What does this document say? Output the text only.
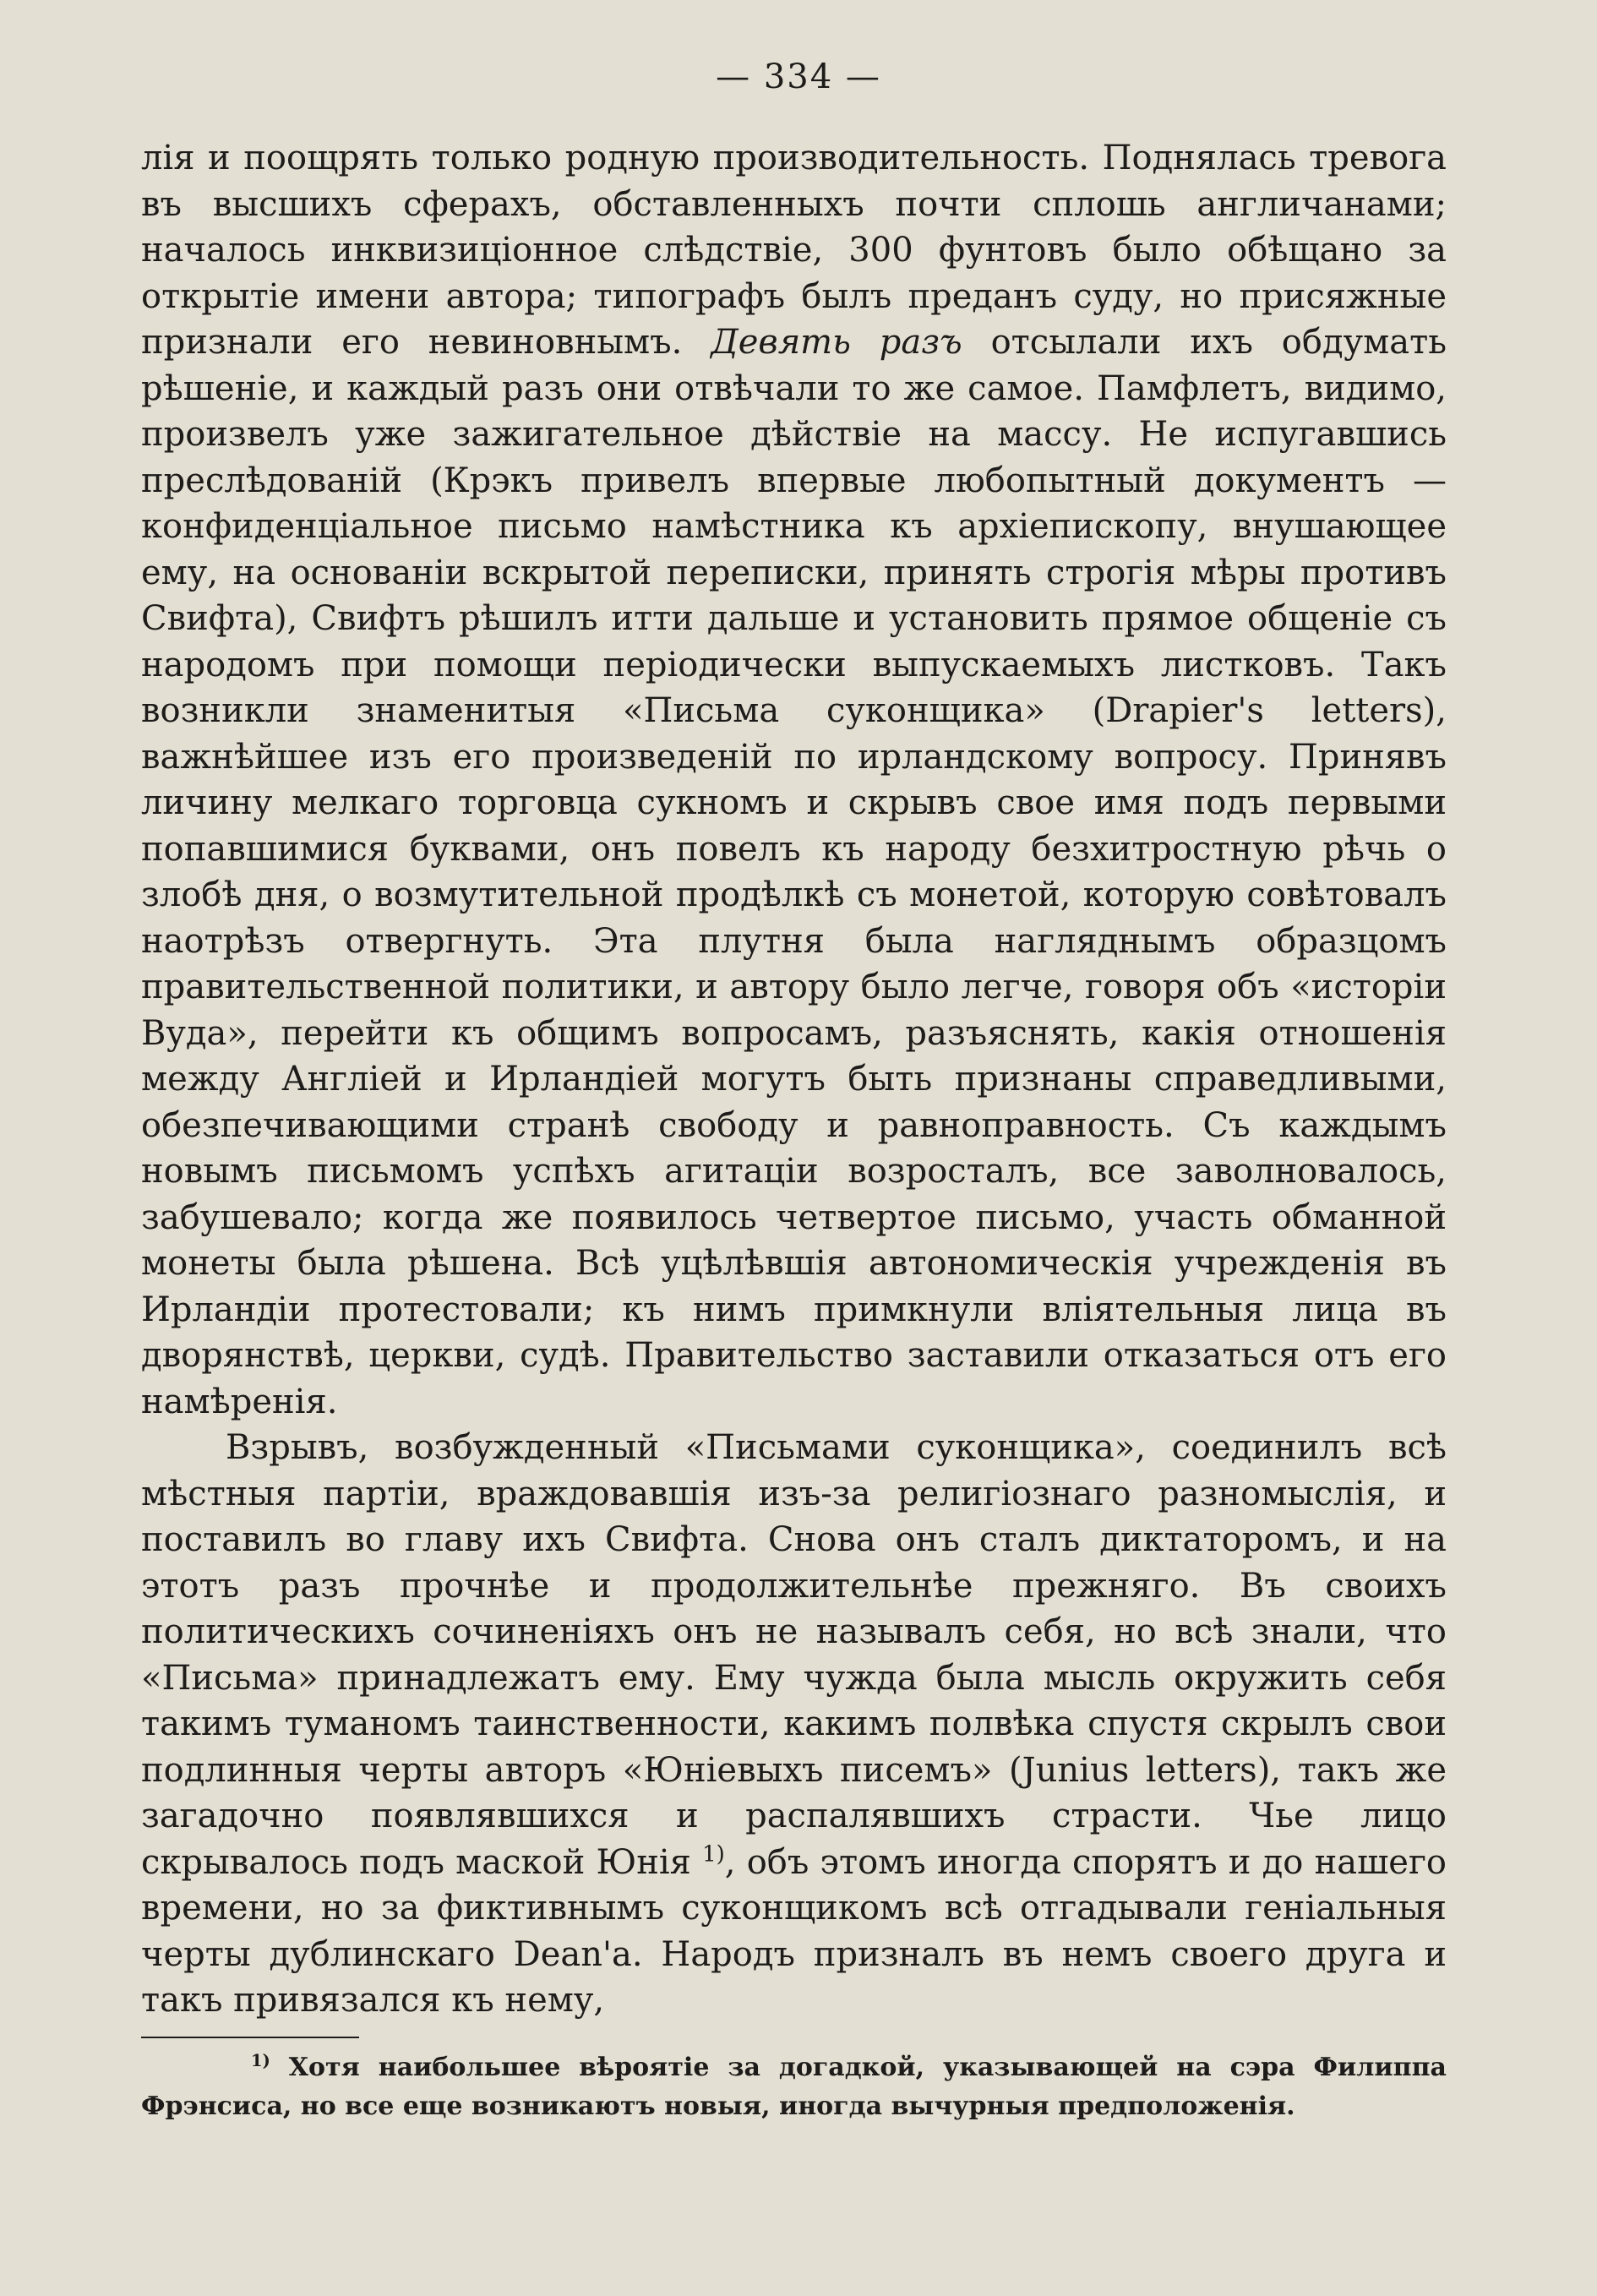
— 334 —

лія и поощрять только родную производительность. Поднялась тревога въ высшихъ сферахъ, обставленныхъ почти сплошь англичанами; началось инквизиціонное слѣдствіе, 300 фунтовъ было обѣщано за открытіе имени автора; типографъ былъ преданъ суду, но присяжные признали его невиновнымъ. Девять разъ отсылали ихъ обдумать рѣшеніе, и каждый разъ они отвѣчали то же самое. Памфлетъ, видимо, произвелъ уже зажигательное дѣйствіе на массу. Не испугавшись преслѣдованій (Крэкъ привелъ впервые любопытный документъ —конфиденціальное письмо намѣстника къ архіепископу, внушающее ему, на основаніи вскрытой переписки, принять строгія мѣры противъ Свифта), Свифтъ рѣшилъ итти дальше и установить прямое общеніе съ народомъ при помощи періодически выпускаемыхъ листковъ. Такъ возникли знаменитыя «Письма суконщика» (Drapier's letters), важнѣйшее изъ его произведеній по ирландскому вопросу. Принявъ личину мелкаго торговца сукномъ и скрывъ свое имя подъ первыми попавшимися буквами, онъ повелъ къ народу безхитростную рѣчь о злобѣ дня, о возмутительной продѣлкѣ съ монетой, которую совѣтовалъ наотрѣзъ отвергнуть. Эта плутня была нагляднымъ образцомъ правительственной политики, и автору было легче, говоря объ «исторіи Вуда», перейти къ общимъ вопросамъ, разъяснять, какія отношенія между Англіей и Ирландіей могутъ быть признаны справедливыми, обезпечивающими странѣ свободу и равноправность. Съ каждымъ новымъ письмомъ успѣхъ агитаціи возросталъ, все заволновалось, забушевало; когда же появилось четвертое письмо, участь обманной монеты была рѣшена. Всѣ уцѣлѣвшія автономическія учрежденія въ Ирландіи протестовали; къ нимъ примкнули вліятельныя лица въ дворянствѣ, церкви, судѣ. Правительство заставили отказаться отъ его намѣренія.

Взрывъ, возбужденный «Письмами суконщика», соединилъ всѣ мѣстныя партіи, враждовавшія изъ-за религіознаго разномыслія, и поставилъ во главу ихъ Свифта. Снова онъ сталъ диктаторомъ, и на этотъ разъ прочнѣе и продолжительнѣе прежняго. Въ своихъ политическихъ сочиненіяхъ онъ не называлъ себя, но всѣ знали, что «Письма» принадлежатъ ему. Ему чужда была мысль окружить себя такимъ туманомъ таинственности, какимъ полвѣка спустя скрылъ свои подлинныя черты авторъ «Юніевыхъ писемъ» (Junius letters), такъ же загадочно появлявшихся и распалявшихъ страсти. Чье лицо скрывалось подъ маской Юнія $^{1)}$, объ этомъ иногда спорятъ и до нашего времени, но за фиктивнымъ суконщикомъ всѣ отгадывали геніальныя черты дублинскаго Dean'а. Народъ призналъ въ немъ своего друга и такъ привязался къ нему,

$^{1)}$ Хотя наибольшее вѣроятіе за догадкой, указывающей на сэра Филиппа Фрэнсиса, но все еще возникаютъ новыя, иногда вычурныя предположенія.
